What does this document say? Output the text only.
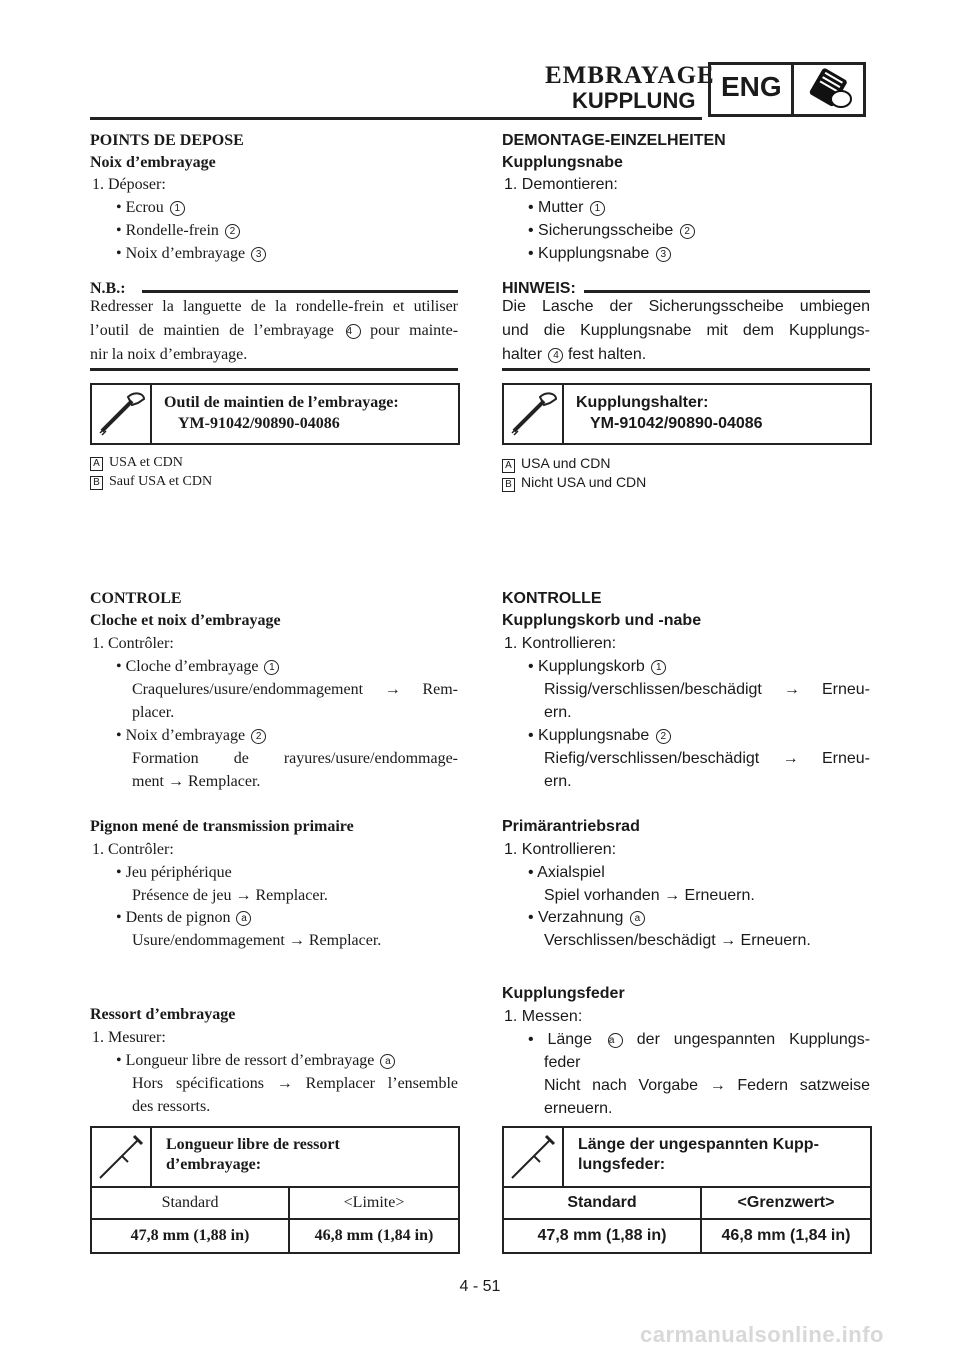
EMBRAYAGE
KUPPLUNG ENG
POINTS DE DEPOSE
Noix d’embrayage
1. Déposer:
• Ecrou 1
• Rondelle-frein 2
• Noix d’embrayage 3
N.B.:
Redresser la languette de la rondelle-frein et utiliser
l’outil de maintien de l’embrayage 4 pour mainte-
nir la noix d’embrayage.
Outil de maintien de l’embrayage:
YM-91042/90890-04086
A USA et CDN
B Sauf USA et CDN
CONTROLE
Cloche et noix d’embrayage
1. Contrôler:
• Cloche d’embrayage 1
Craquelures/usure/endommagement → Rem-
placer.
• Noix d’embrayage 2
Formation de rayures/usure/endommage-
ment → Remplacer.
Pignon mené de transmission primaire
1. Contrôler:
• Jeu périphérique
Présence de jeu → Remplacer.
• Dents de pignon a
Usure/endommagement → Remplacer.
Ressort d’embrayage
1. Mesurer:
• Longueur libre de ressort d’embrayage a
Hors spécifications → Remplacer l’ensemble
des ressorts.
Longueur libre de ressort
d’embrayage:
Standard	<Limite>
47,8 mm (1,88 in)	46,8 mm (1,84 in)
DEMONTAGE-EINZELHEITEN
Kupplungsnabe
1. Demontieren:
• Mutter 1
• Sicherungsscheibe 2
• Kupplungsnabe 3
HINWEIS:
Die Lasche der Sicherungsscheibe umbiegen
und die Kupplungsnabe mit dem Kupplungs-
halter 4 fest halten.
Kupplungshalter:
YM-91042/90890-04086
A USA und CDN
B Nicht USA und CDN
KONTROLLE
Kupplungskorb und -nabe
1. Kontrollieren:
• Kupplungskorb 1
Rissig/verschlissen/beschädigt → Erneu-
ern.
• Kupplungsnabe 2
Riefig/verschlissen/beschädigt → Erneu-
ern.
Primärantriebsrad
1. Kontrollieren:
• Axialspiel
Spiel vorhanden → Erneuern.
• Verzahnung a
Verschlissen/beschädigt → Erneuern.
Kupplungsfeder
1. Messen:
• Länge a der ungespannten Kupplungs-
feder
Nicht nach Vorgabe → Federn satzweise
erneuern.
Länge der ungespannten Kupp-
lungsfeder:
Standard	<Grenzwert>
47,8 mm (1,88 in)	46,8 mm (1,84 in)
4 - 51
carmanualsonline.info
